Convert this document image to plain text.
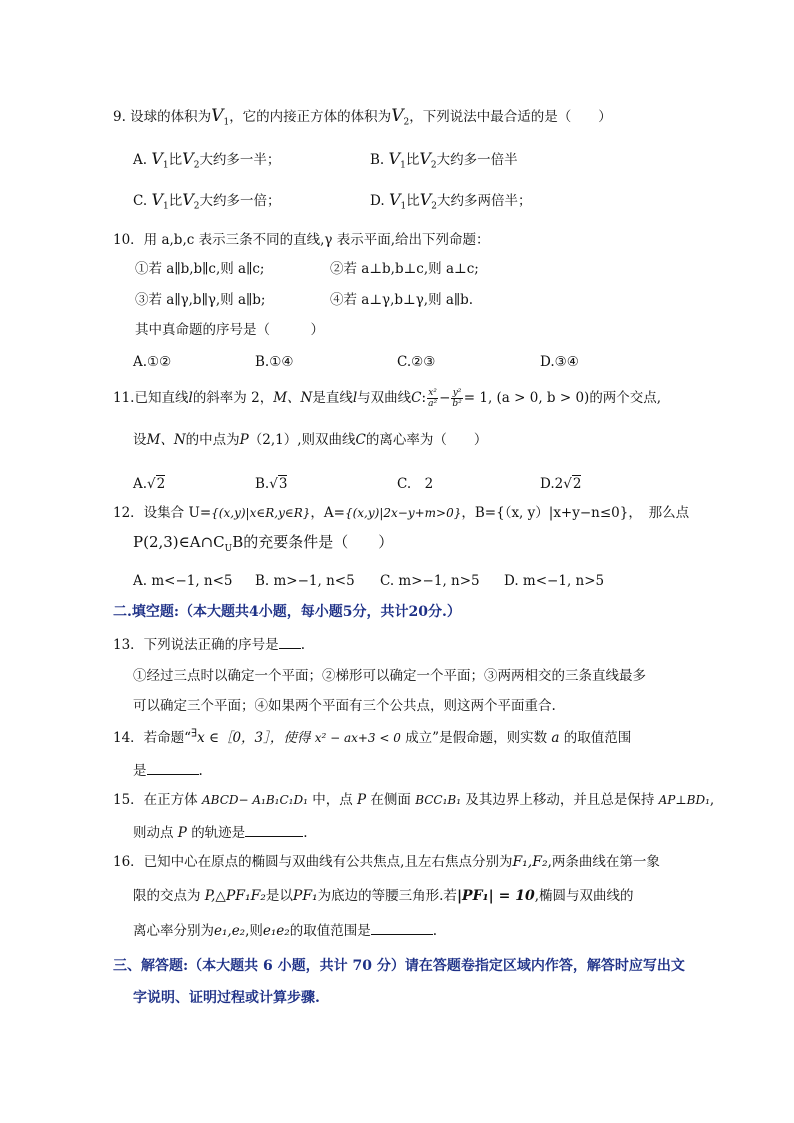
9. 设球的体积为$V_1$，它的内接正方体的体积为$V_2$，下列说法中最合适的是（　　）
A. $V_1$比$V_2$大约多一半；	B. $V_1$比$V_2$大约多一倍半
C. $V_1$比$V_2$大约多一倍；	D. $V_1$比$V_2$大约多两倍半；
10．用 a,b,c 表示三条不同的直线,γ 表示平面,给出下列命题：
①若 a∥b,b∥c,则 a∥c;	②若 a⊥b,b⊥c,则 a⊥c;
③若 a∥γ,b∥γ,则 a∥b;	④若 a⊥γ,b⊥γ,则 a∥b.
其中真命题的序号是（　　　）
A.①②	B.①④	C.②③	D.③④
11.已知直线l的斜率为 2，M、N是直线l与双曲线C: $\frac{\text{x²}}{\text{a²}} - \frac{\text{y²}}{\text{b²}} = 1$, (a > 0, b > 0)的两个交点,
设M、N的中点为P（2,1）,则双曲线C的离心率为（　　）
A.√2	B.√3	C.　2	D.2√2
12．设集合 U={(x,y)|x∈R,y∈R}，A={(x,y)|2x−y+m>0}，B={（x, y）|x+y−n≤0}，　那么点
$P(2,3)\in A\cap C_UB$的充要条件是（　　）
A. m<−1, n<5 B. m>−1, n<5 C. m>−1, n>5 D. m<−1, n>5
二.填空题:（本大题共4小题，每小题5分，共计20分.）
13．下列说法正确的序号是 .
①经过三点时以确定一个平面；②梯形可以确定一个平面；③两两相交的三条直线最多
可以确定三个平面；④如果两个平面有三个公共点，则这两个平面重合.
14．若命题“∃x ∈［0，3］，使得 x² − ax+3 < 0 成立”是假命题，则实数 a 的取值范围
是	.
15．在正方体 ABCD− A₁B₁C₁D₁ 中，点 P 在侧面 BCC₁B₁ 及其边界上移动，并且总是保持 AP⊥BD₁,
则动点 P 的轨迹是	.
16．已知中心在原点的椭圆与双曲线有公共焦点,且左右焦点分别为F₁,F₂,两条曲线在第一象
限的交点为 P,△PF₁F₂是以PF₁为底边的等腰三角形.若|PF₁| = 10,椭圆与双曲线的
离心率分别为e₁,e₂,则e₁e₂的取值范围是	.
三、解答题:（本大题共 6 小题，共计 70 分）请在答题卷指定区域内作答，解答时应写出文
字说明、证明过程或计算步骤.
